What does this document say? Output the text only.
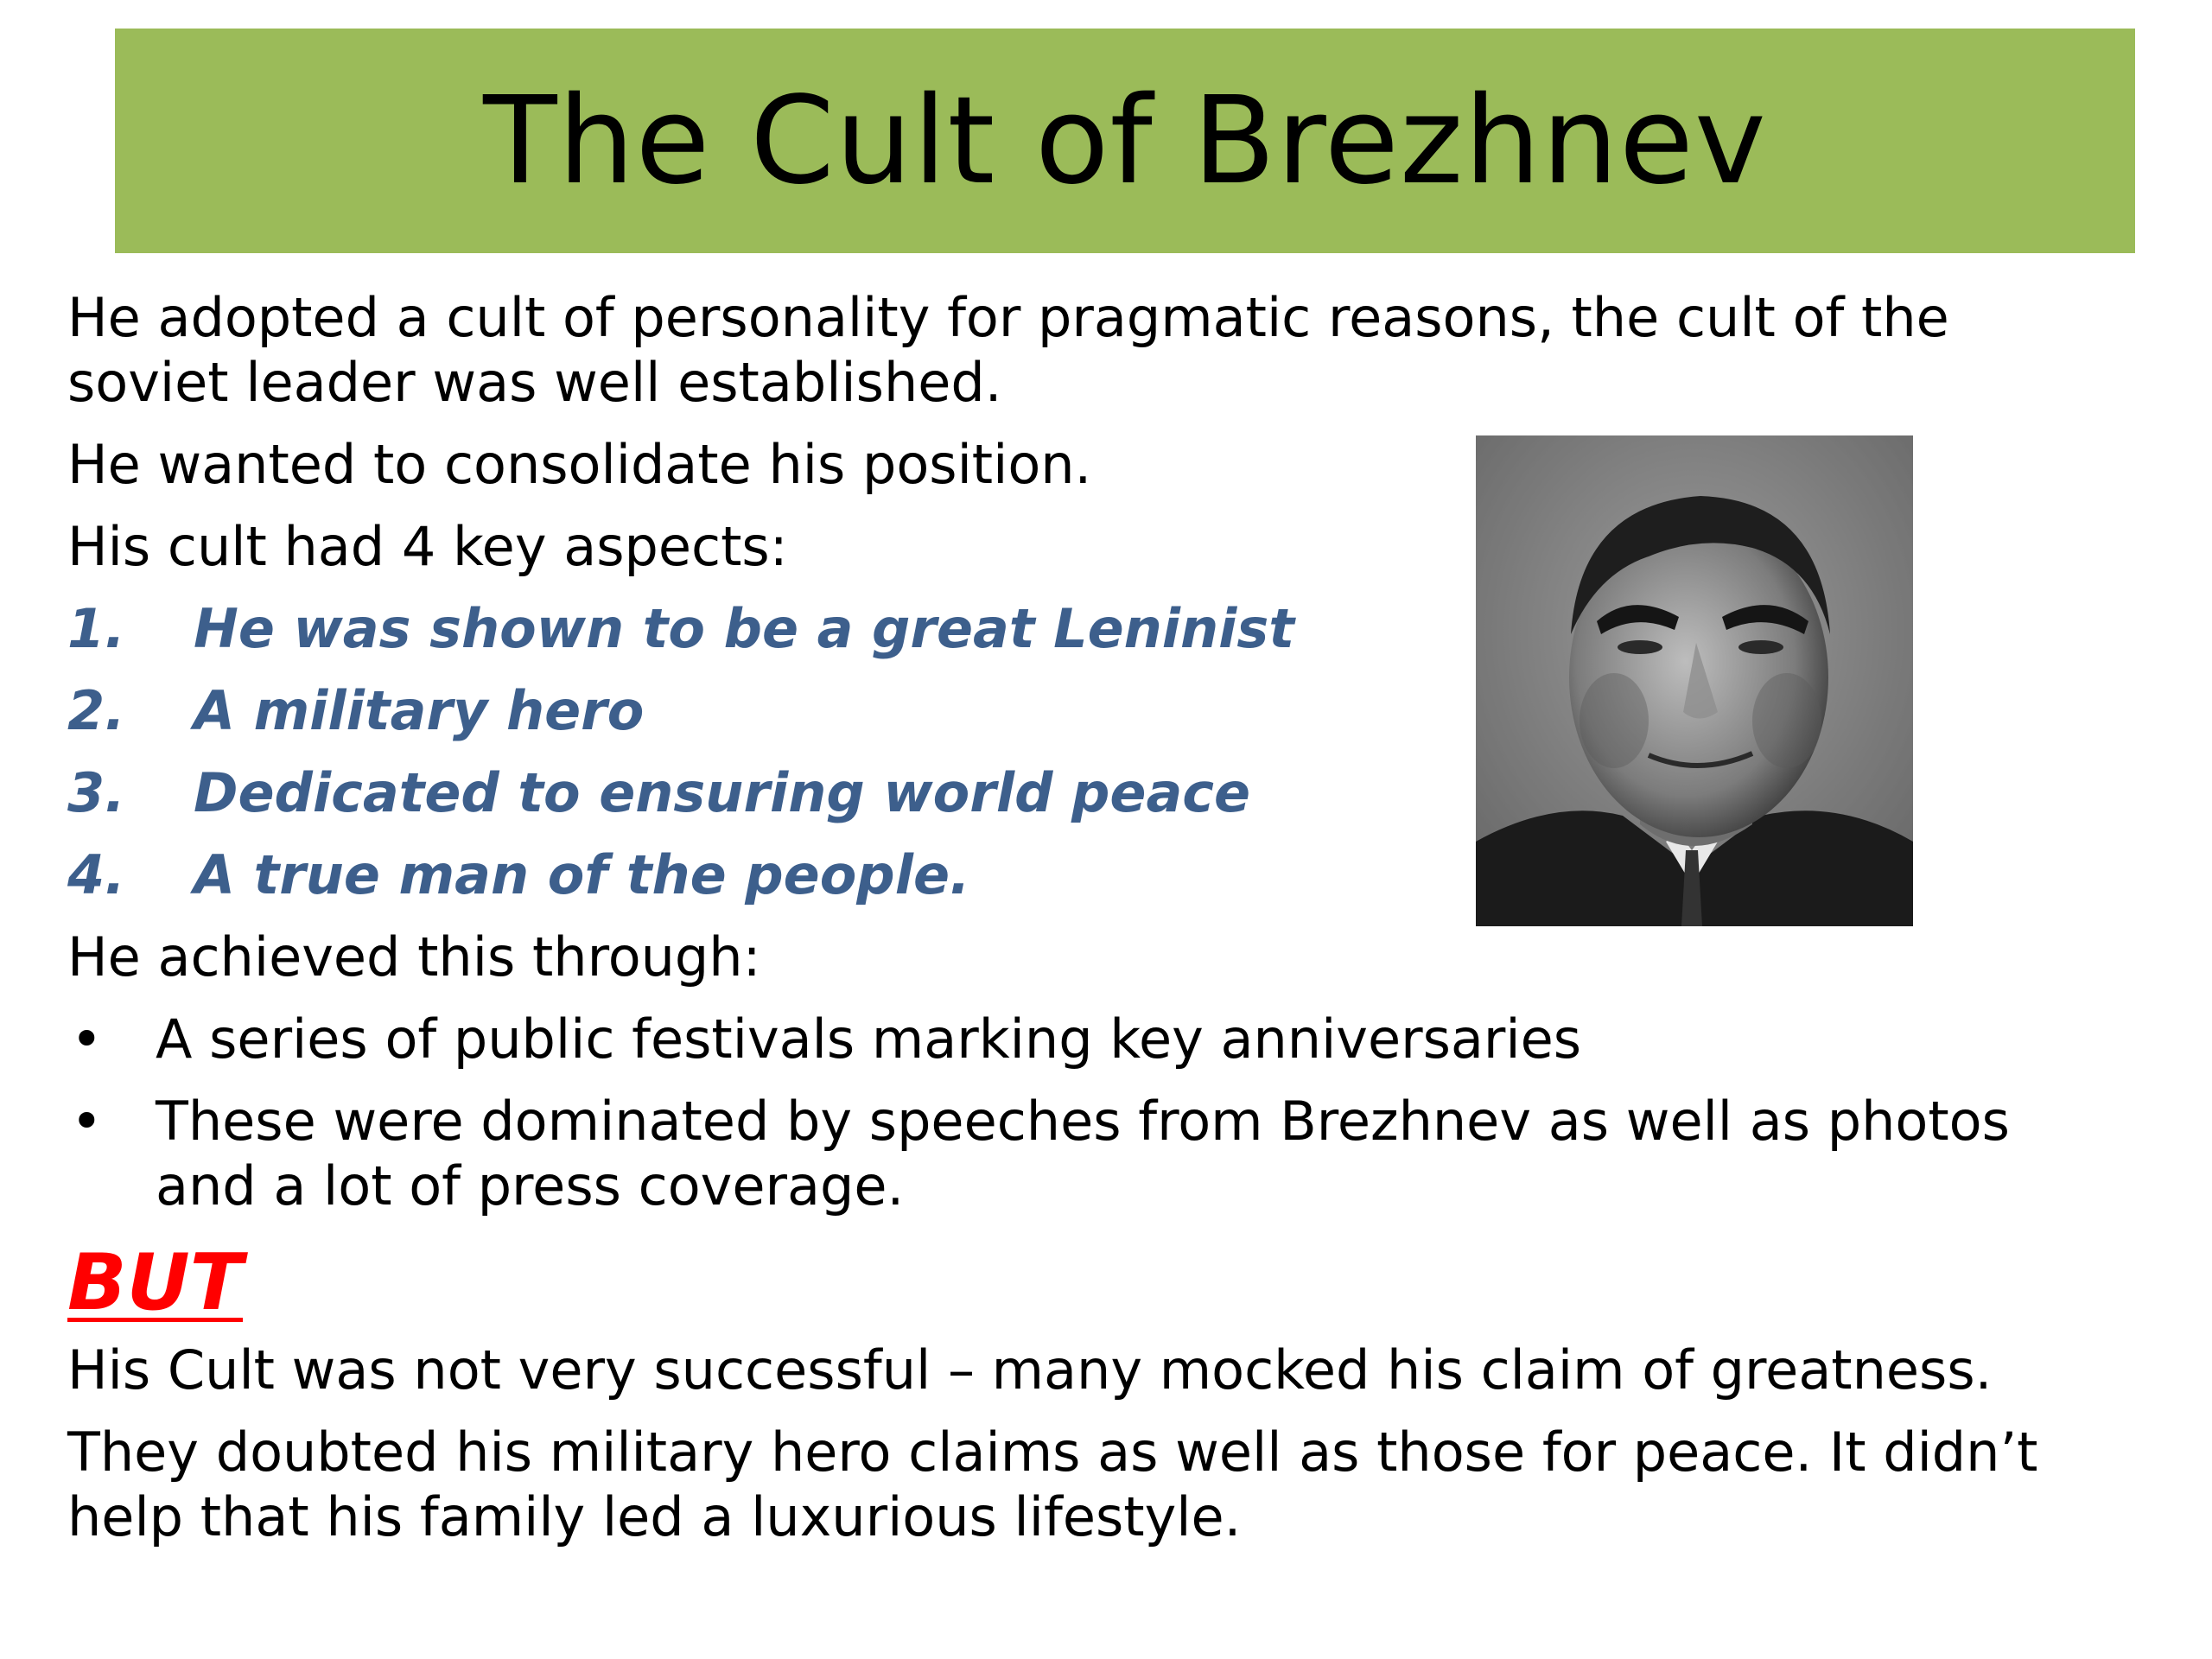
The Cult of Brezhnev

He adopted a cult of personality for pragmatic reasons, the cult of the soviet leader was well established.

He wanted to consolidate his position.

His cult had 4 key aspects:

1.	He was shown to be a great Leninist
2.	A military hero
3.	Dedicated to ensuring world peace
4.	A true man of the people.

He achieved this through:

• A series of public festivals marking key anniversaries
• These were dominated by speeches from Brezhnev as well as photos and a lot of press coverage.

BUT

His Cult was not very successful – many mocked his claim of greatness.

They doubted his military hero claims as well as those for peace. It didn’t help that his family led a luxurious lifestyle.
